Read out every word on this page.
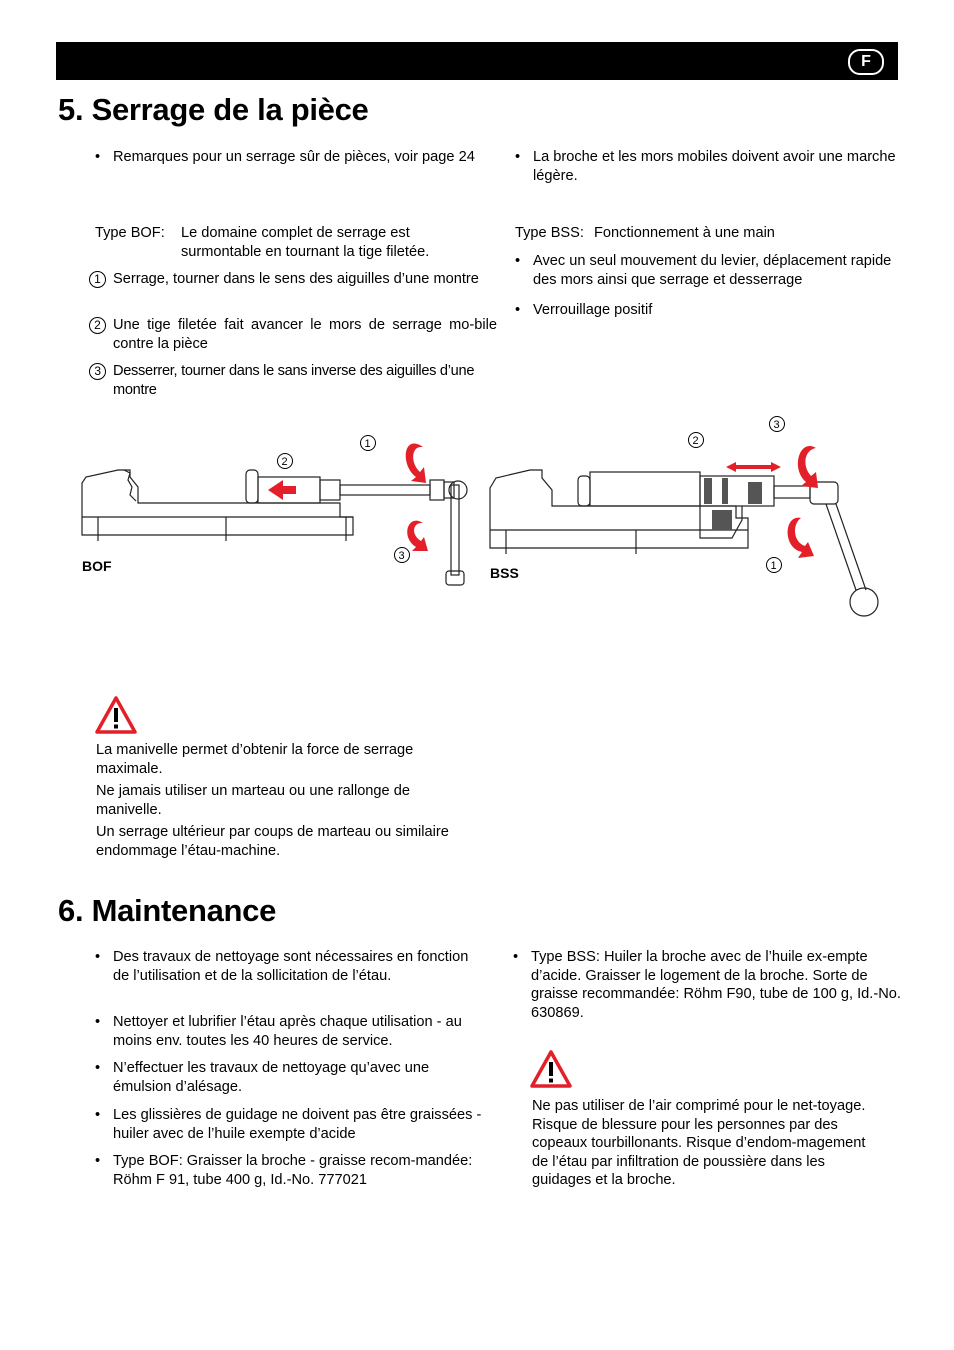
F
5. Serrage de la pièce
• Remarques pour un serrage sûr de pièces, voir page 24	• La broche et les mors mobiles doivent avoir une marche légère.
Type BOF:	Le domaine complet de serrage est surmontable en tournant la tige filetée.
1 Serrage, tourner dans le sens des aiguilles d’une montre
2 Une tige filetée fait avancer le mors de serrage mo-bile contre la pièce
3 Desserrer, tourner dans le sans inverse des aiguilles d’une montre
Type BSS: Fonctionnement à une main
• Avec un seul mouvement du levier, déplacement rapide des mors ainsi que serrage et desserrage
• Verrouillage positif
BOF
1
2
3
BSS	1
2
3
La manivelle permet d’obtenir la force de serrage maximale.
Ne jamais utiliser un marteau ou une rallonge de manivelle.
Un serrage ultérieur par coups de marteau ou similaire endommage l’étau-machine.
6. Maintenance
• Des travaux de nettoyage sont nécessaires en fonction de l’utilisation et de la sollicitation de l’étau.
• Nettoyer et lubrifier l’étau après chaque utilisation - au moins env. toutes les 40 heures de service.
• N’effectuer les travaux de nettoyage qu’avec une émulsion d’alésage.
• Les glissières de guidage ne doivent pas être graissées - huiler avec de l’huile exempte d’acide
• Type BOF: Graisser la broche - graisse recom-mandée: Röhm F 91, tube 400 g, Id.-No. 777021
• Type BSS: Huiler la broche avec de l’huile ex-empte d’acide. Graisser le logement de la broche. Sorte de graisse recommandée: Röhm F90, tube de 100 g, Id.-No. 630869.
Ne pas utiliser de l’air comprimé pour le net-toyage. Risque de blessure pour les personnes par des copeaux tourbillonants. Risque d’endom-magement de l’étau par infiltration de poussière dans les guidages et la broche.
